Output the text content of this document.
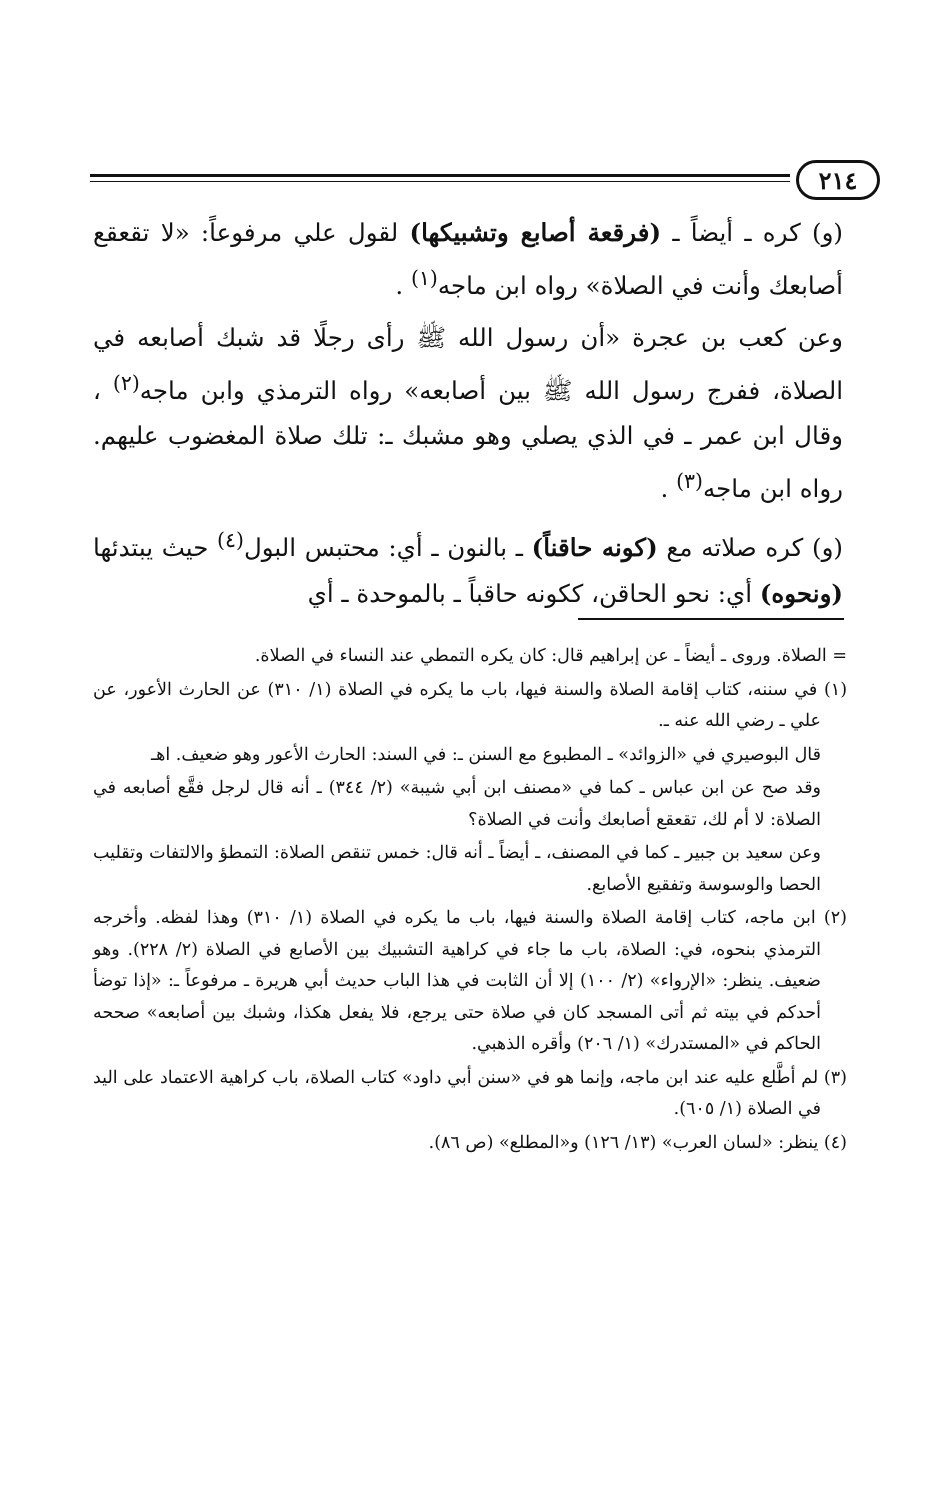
٢١٤

(و) كره ـ أيضاً ـ (فرقعة أصابع وتشبيكها) لقول علي مرفوعاً: «لا تقعقع أصابعك وأنت في الصلاة» رواه ابن ماجه$^{(١)}$ .

وعن كعب بن عجرة «أن رسول الله ﷺ رأى رجلًا قد شبك أصابعه في الصلاة، ففرج رسول الله ﷺ بين أصابعه» رواه الترمذي وابن ماجه$^{(٢)}$ ، وقال ابن عمر ـ في الذي يصلي وهو مشبك ـ: تلك صلاة المغضوب عليهم. رواه ابن ماجه$^{(٣)}$ .

(و) كره صلاته مع (كونه حاقناً) ـ بالنون ـ أي: محتبس البول$^{(٤)}$ حيث يبتدئها (ونحوه) أي: نحو الحاقن، ككونه حاقباً ـ بالموحدة ـ أي

= الصلاة. وروى ـ أيضاً ـ عن إبراهيم قال: كان يكره التمطي عند النساء في الصلاة.

(١) في سننه، كتاب إقامة الصلاة والسنة فيها، باب ما يكره في الصلاة (١/ ٣١٠) عن الحارث الأعور، عن علي ـ رضي الله عنه ـ.

قال البوصيري في «الزوائد» ـ المطبوع مع السنن ـ: في السند: الحارث الأعور وهو ضعيف. اهـ

وقد صح عن ابن عباس ـ كما في «مصنف ابن أبي شيبة» (٢/ ٣٤٤) ـ أنه قال لرجل فقَّع أصابعه في الصلاة: لا أم لك، تقعقع أصابعك وأنت في الصلاة؟

وعن سعيد بن جبير ـ كما في المصنف، ـ أيضاً ـ أنه قال: خمس تنقص الصلاة: التمطؤ والالتفات وتقليب الحصا والوسوسة وتفقيع الأصابع.

(٢) ابن ماجه، كتاب إقامة الصلاة والسنة فيها، باب ما يكره في الصلاة (١/ ٣١٠) وهذا لفظه. وأخرجه الترمذي بنحوه، في: الصلاة، باب ما جاء في كراهية التشبيك بين الأصابع في الصلاة (٢/ ٢٢٨). وهو ضعيف. ينظر: «الإرواء» (٢/ ١٠٠) إلا أن الثابت في هذا الباب حديث أبي هريرة ـ مرفوعاً ـ: «إذا توضأ أحدكم في بيته ثم أتى المسجد كان في صلاة حتى يرجع، فلا يفعل هكذا، وشبك بين أصابعه» صححه الحاكم في «المستدرك» (١/ ٢٠٦) وأقره الذهبي.

(٣) لم أطَّلع عليه عند ابن ماجه، وإنما هو في «سنن أبي داود» كتاب الصلاة، باب كراهية الاعتماد على اليد في الصلاة (١/ ٦٠٥).

(٤) ينظر: «لسان العرب» (١٣/ ١٢٦) و«المطلع» (ص ٨٦).
